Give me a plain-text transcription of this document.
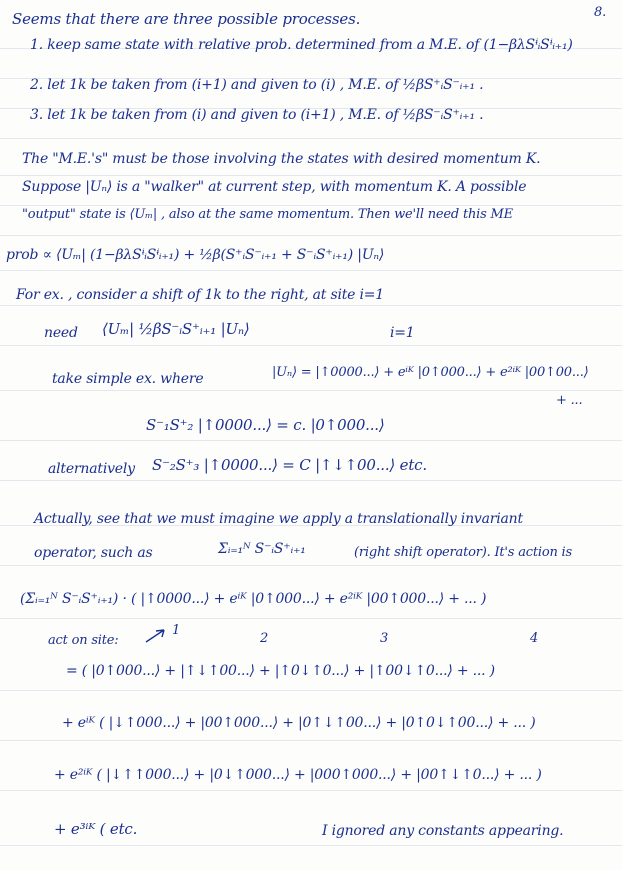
8.
Seems that there are three possible processes.
1. keep same state with relative prob. determined from a M.E. of (1−βλSᶤᵢSᶤᵢ₊₁)
2. let 1k be taken from (i+1) and given to (i) , M.E. of ½βS⁺ᵢS⁻ᵢ₊₁ .
3. let 1k be taken from (i) and given to (i+1) , M.E. of ½βS⁻ᵢS⁺ᵢ₊₁ .
The "M.E.'s" must be those involving the states with desired momentum K.
Suppose |Uₙ⟩ is a "walker" at current step, with momentum K. A possible
"output" state is ⟨Uₘ| , also at the same momentum. Then we'll need this ME
prob ∝ ⟨Uₘ| (1−βλSᶤᵢSᶤᵢ₊₁) + ½β(S⁺ᵢS⁻ᵢ₊₁ + S⁻ᵢS⁺ᵢ₊₁) |Uₙ⟩
For ex. , consider a shift of 1k to the right, at site i=1
need ⟨Uₘ| ½βS⁻ᵢS⁺ᵢ₊₁ |Uₙ⟩	i=1
take simple ex. where	|Uₙ⟩ = |↑0000...⟩ + eⁱᴷ |0↑000...⟩ + e²ⁱᴷ |00↑00...⟩
+ ...
S⁻₁S⁺₂ |↑0000...⟩ = c. |0↑000...⟩
alternatively S⁻₂S⁺₃ |↑0000...⟩ = C |↑↓↑00...⟩ etc.
Actually, see that we must imagine we apply a translationally invariant
operator, such as	Σᵢ₌₁ᴺ S⁻ᵢS⁺ᵢ₊₁	(right shift operator). It's action is
(Σᵢ₌₁ᴺ S⁻ᵢS⁺ᵢ₊₁) · ( |↑0000...⟩ + eⁱᴷ |0↑000...⟩ + e²ⁱᴷ |00↑000...⟩ + ... )
act on site:
1
2	3	4
= ( |0↑000...⟩ + |↑↓↑00...⟩ + |↑0↓↑0...⟩ + |↑00↓↑0...⟩ + ... )
+ eⁱᴷ ( |↓↑000...⟩ + |00↑000...⟩ + |0↑↓↑00...⟩ + |0↑0↓↑00...⟩ + ... )
+ e²ⁱᴷ ( |↓↑↑000...⟩ + |0↓↑000...⟩ + |000↑000...⟩ + |00↑↓↑0...⟩ + ... )
+ e³ⁱᴷ ( etc.	I ignored any constants appearing.
